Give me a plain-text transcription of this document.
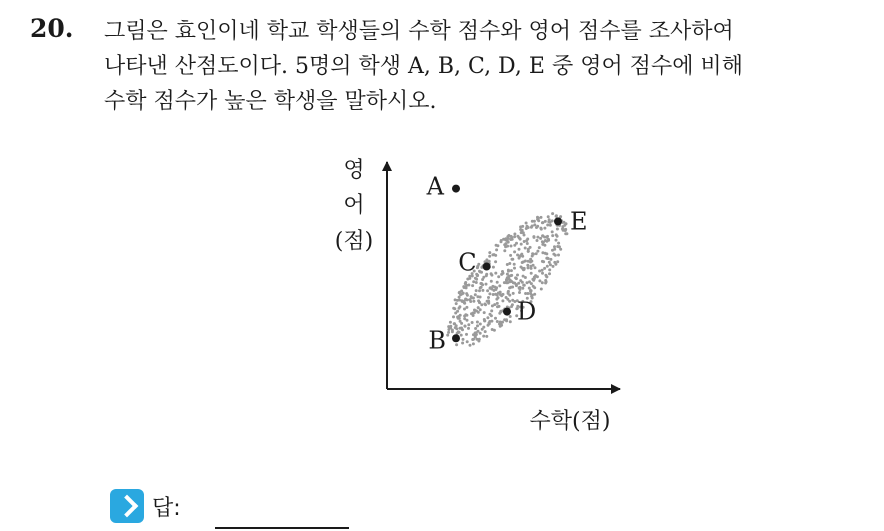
20. 그림은 효인이네 학교 학생들의 수학 점수와 영어 점수를 조사하여
나타낸 산점도이다. 5명의 학생 A, B, C, D, E 중 영어 점수에 비해
수학 점수가 높은 학생을 말하시오.
영
어
(점)
수학(점)
A
B
C
D
E
답:
